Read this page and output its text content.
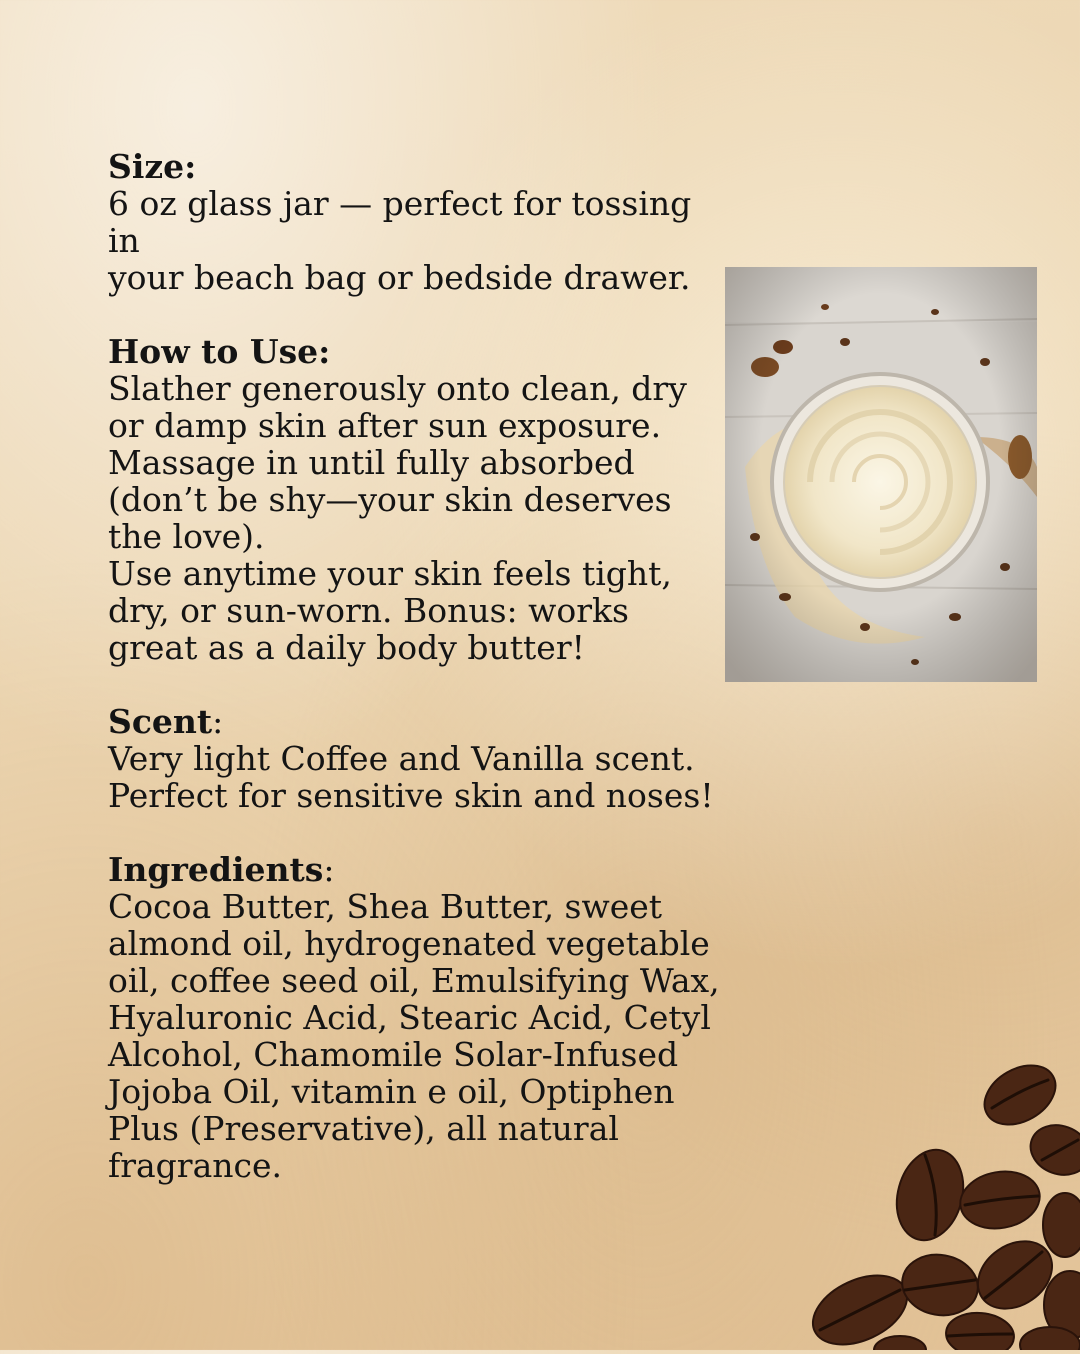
Size:
6 oz glass jar — perfect for tossing in
your beach bag or bedside drawer.
How to Use:
Slather generously onto clean, dry
or damp skin after sun exposure.
Massage in until fully absorbed
(don’t be shy—your skin deserves
the love).
Use anytime your skin feels tight,
dry, or sun-worn. Bonus: works
great as a daily body butter!
Scent:
Very light Coffee and Vanilla scent.
Perfect for sensitive skin and noses!
Ingredients:
Cocoa Butter, Shea Butter, sweet
almond oil, hydrogenated vegetable
oil, coffee seed oil, Emulsifying Wax,
Hyaluronic Acid, Stearic Acid, Cetyl
Alcohol, Chamomile Solar-Infused
Jojoba Oil, vitamin e oil, Optiphen
Plus (Preservative), all natural
fragrance.
